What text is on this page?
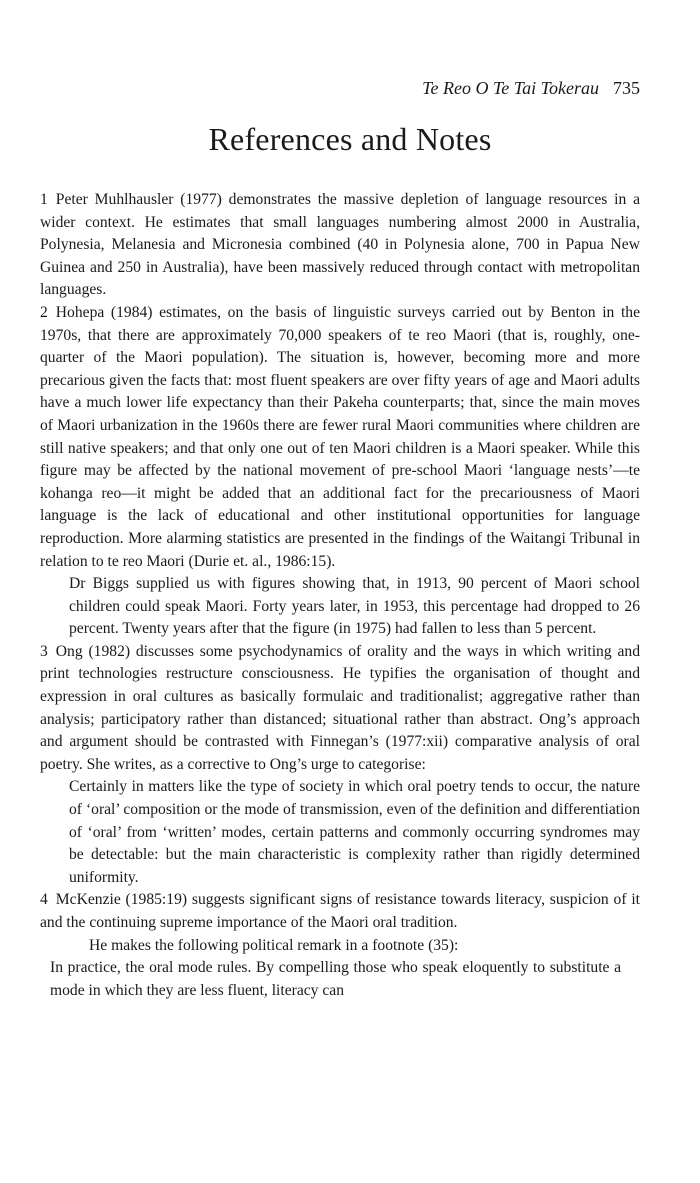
Te Reo O Te Tai Tokerau 735
References and Notes

1 Peter Muhlhausler (1977) demonstrates the massive depletion of language resources in a wider context. He estimates that small languages numbering almost 2000 in Australia, Polynesia, Melanesia and Micronesia combined (40 in Polynesia alone, 700 in Papua New Guinea and 250 in Australia), have been massively reduced through contact with metropolitan languages.

2 Hohepa (1984) estimates, on the basis of linguistic surveys carried out by Benton in the 1970s, that there are approximately 70,000 speakers of te reo Maori (that is, roughly, one-quarter of the Maori population). The situation is, however, becoming more and more precarious given the facts that: most fluent speakers are over fifty years of age and Maori adults have a much lower life expectancy than their Pakeha counterparts; that, since the main moves of Maori urbanization in the 1960s there are fewer rural Maori communities where children are still native speakers; and that only one out of ten Maori children is a Maori speaker. While this figure may be affected by the national movement of pre-school Maori ‘language nests’—te kohanga reo—it might be added that an additional fact for the precariousness of Maori language is the lack of educational and other institutional opportunities for language reproduction. More alarming statistics are presented in the findings of the Waitangi Tribunal in relation to te reo Maori (Durie et. al., 1986:15).

Dr Biggs supplied us with figures showing that, in 1913, 90 percent of Maori school children could speak Maori. Forty years later, in 1953, this percentage had dropped to 26 percent. Twenty years after that the figure (in 1975) had fallen to less than 5 percent.

3 Ong (1982) discusses some psychodynamics of orality and the ways in which writing and print technologies restructure consciousness. He typifies the organisation of thought and expression in oral cultures as basically formulaic and traditionalist; aggregative rather than analysis; participatory rather than distanced; situational rather than abstract. Ong’s approach and argument should be contrasted with Finnegan’s (1977:xii) comparative analysis of oral poetry. She writes, as a corrective to Ong’s urge to categorise:

Certainly in matters like the type of society in which oral poetry tends to occur, the nature of ‘oral’ composition or the mode of transmission, even of the definition and differentiation of ‘oral’ from ‘written’ modes, certain patterns and commonly occurring syndromes may be detectable: but the main characteristic is complexity rather than rigidly determined uniformity.

4 McKenzie (1985:19) suggests significant signs of resistance towards literacy, suspicion of it and the continuing supreme importance of the Maori oral tradition.

He makes the following political remark in a footnote (35):

In practice, the oral mode rules. By compelling those who speak eloquently to substitute a mode in which they are less fluent, literacy can
